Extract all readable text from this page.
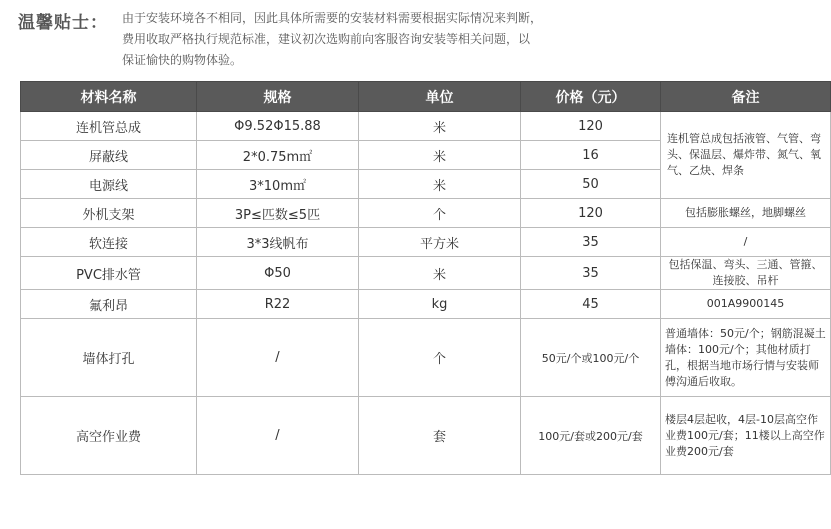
温馨贴士： 由于安装环境各不相同，因此具体所需要的安装材料需要根据实际情况来判断，
费用收取严格执行规范标准，建议初次选购前向客服咨询安装等相关问题，以
保证愉快的购物体验。
材料名称	规格	单位	价格（元）	备注
连机管总成	Φ9.52Φ15.88	米	120	连机管总成包括液管、气管、弯头、保温层、爆炸带、氮气、氧气、乙炔、焊条
屏蔽线	2*0.75m㎡	米	16	
电源线	3*10m㎡	米	50	
外机支架	3P≤匹数≤5匹	个	120	包括膨胀螺丝，地脚螺丝
软连接	3*3线帆布	平方米	35	/
PVC排水管	Φ50	米	35	包括保温、弯头、三通、管箍、连接胶、吊杆
氟利昂	R22	kg	45	001A9900145
墙体打孔	/	个	50元/个或100元/个	普通墙体：50元/个；钢筋混凝土墙体：100元/个；其他材质打孔，根据当地市场行情与安装师傅沟通后收取。
高空作业费	/	套	100元/套或200元/套	楼层4层起收，4层-10层高空作业费100元/套；11楼以上高空作业费200元/套
